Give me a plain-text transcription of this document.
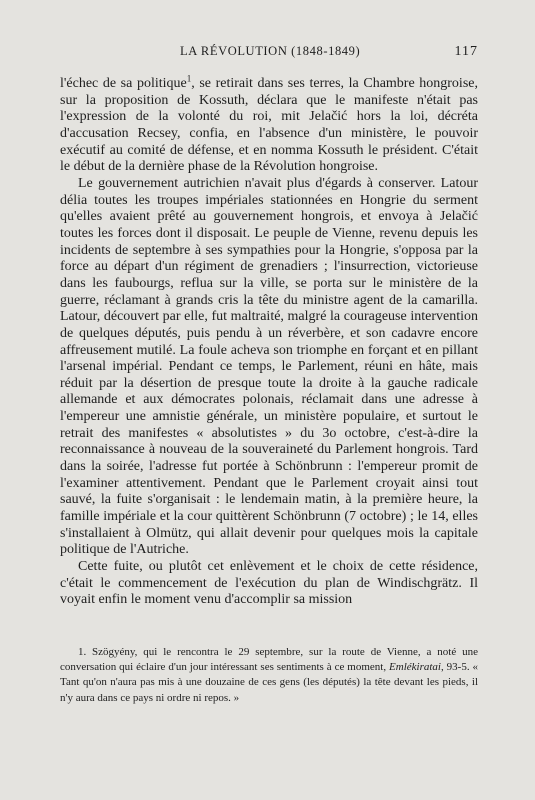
LA RÉVOLUTION (1848-1849)	117

l'échec de sa politique$^1$, se retirait dans ses terres, la Chambre hongroise, sur la proposition de Kossuth, déclara que le manifeste n'était pas l'expression de la volonté du roi, mit Jelačić hors la loi, décréta d'accusation Recsey, confia, en l'absence d'un ministère, le pouvoir exécutif au comité de défense, et en nomma Kossuth le président. C'était le début de la dernière phase de la Révolution hongroise.

Le gouvernement autrichien n'avait plus d'égards à conserver. Latour délia toutes les troupes impériales stationnées en Hongrie du serment qu'elles avaient prêté au gouvernement hongrois, et envoya à Jelačić toutes les forces dont il disposait. Le peuple de Vienne, revenu depuis les incidents de septembre à ses sympathies pour la Hongrie, s'opposa par la force au départ d'un régiment de grenadiers ; l'insurrection, victorieuse dans les faubourgs, reflua sur la ville, se porta sur le ministère de la guerre, réclamant à grands cris la tête du ministre agent de la camarilla. Latour, découvert par elle, fut maltraité, malgré la courageuse intervention de quelques députés, puis pendu à un réverbère, et son cadavre encore affreusement mutilé. La foule acheva son triomphe en forçant et en pillant l'arsenal impérial. Pendant ce temps, le Parlement, réuni en hâte, mais réduit par la désertion de presque toute la droite à la gauche radicale allemande et aux démocrates polonais, réclamait dans une adresse à l'empereur une amnistie générale, un ministère populaire, et surtout le retrait des manifestes « absolutistes » du 3o octobre, c'est-à-dire la reconnaissance à nouveau de la souveraineté du Parlement hongrois. Tard dans la soirée, l'adresse fut portée à Schönbrunn : l'empereur promit de l'examiner attentivement. Pendant que le Parlement croyait ainsi tout sauvé, la fuite s'organisait : le lendemain matin, à la première heure, la famille impériale et la cour quittèrent Schönbrunn (7 octobre) ; le 14, elles s'installaient à Olmütz, qui allait devenir pour quelques mois la capitale politique de l'Autriche.

Cette fuite, ou plutôt cet enlèvement et le choix de cette résidence, c'était le commencement de l'exécution du plan de Windischgrätz. Il voyait enfin le moment venu d'accomplir sa mission

1. Szögyény, qui le rencontra le 29 septembre, sur la route de Vienne, a noté une conversation qui éclaire d'un jour intéressant ses sentiments à ce moment, Emlékiratai, 93-5. « Tant qu'on n'aura pas mis à une douzaine de ces gens (les députés) la tête devant les pieds, il n'y aura dans ce pays ni ordre ni repos. »
